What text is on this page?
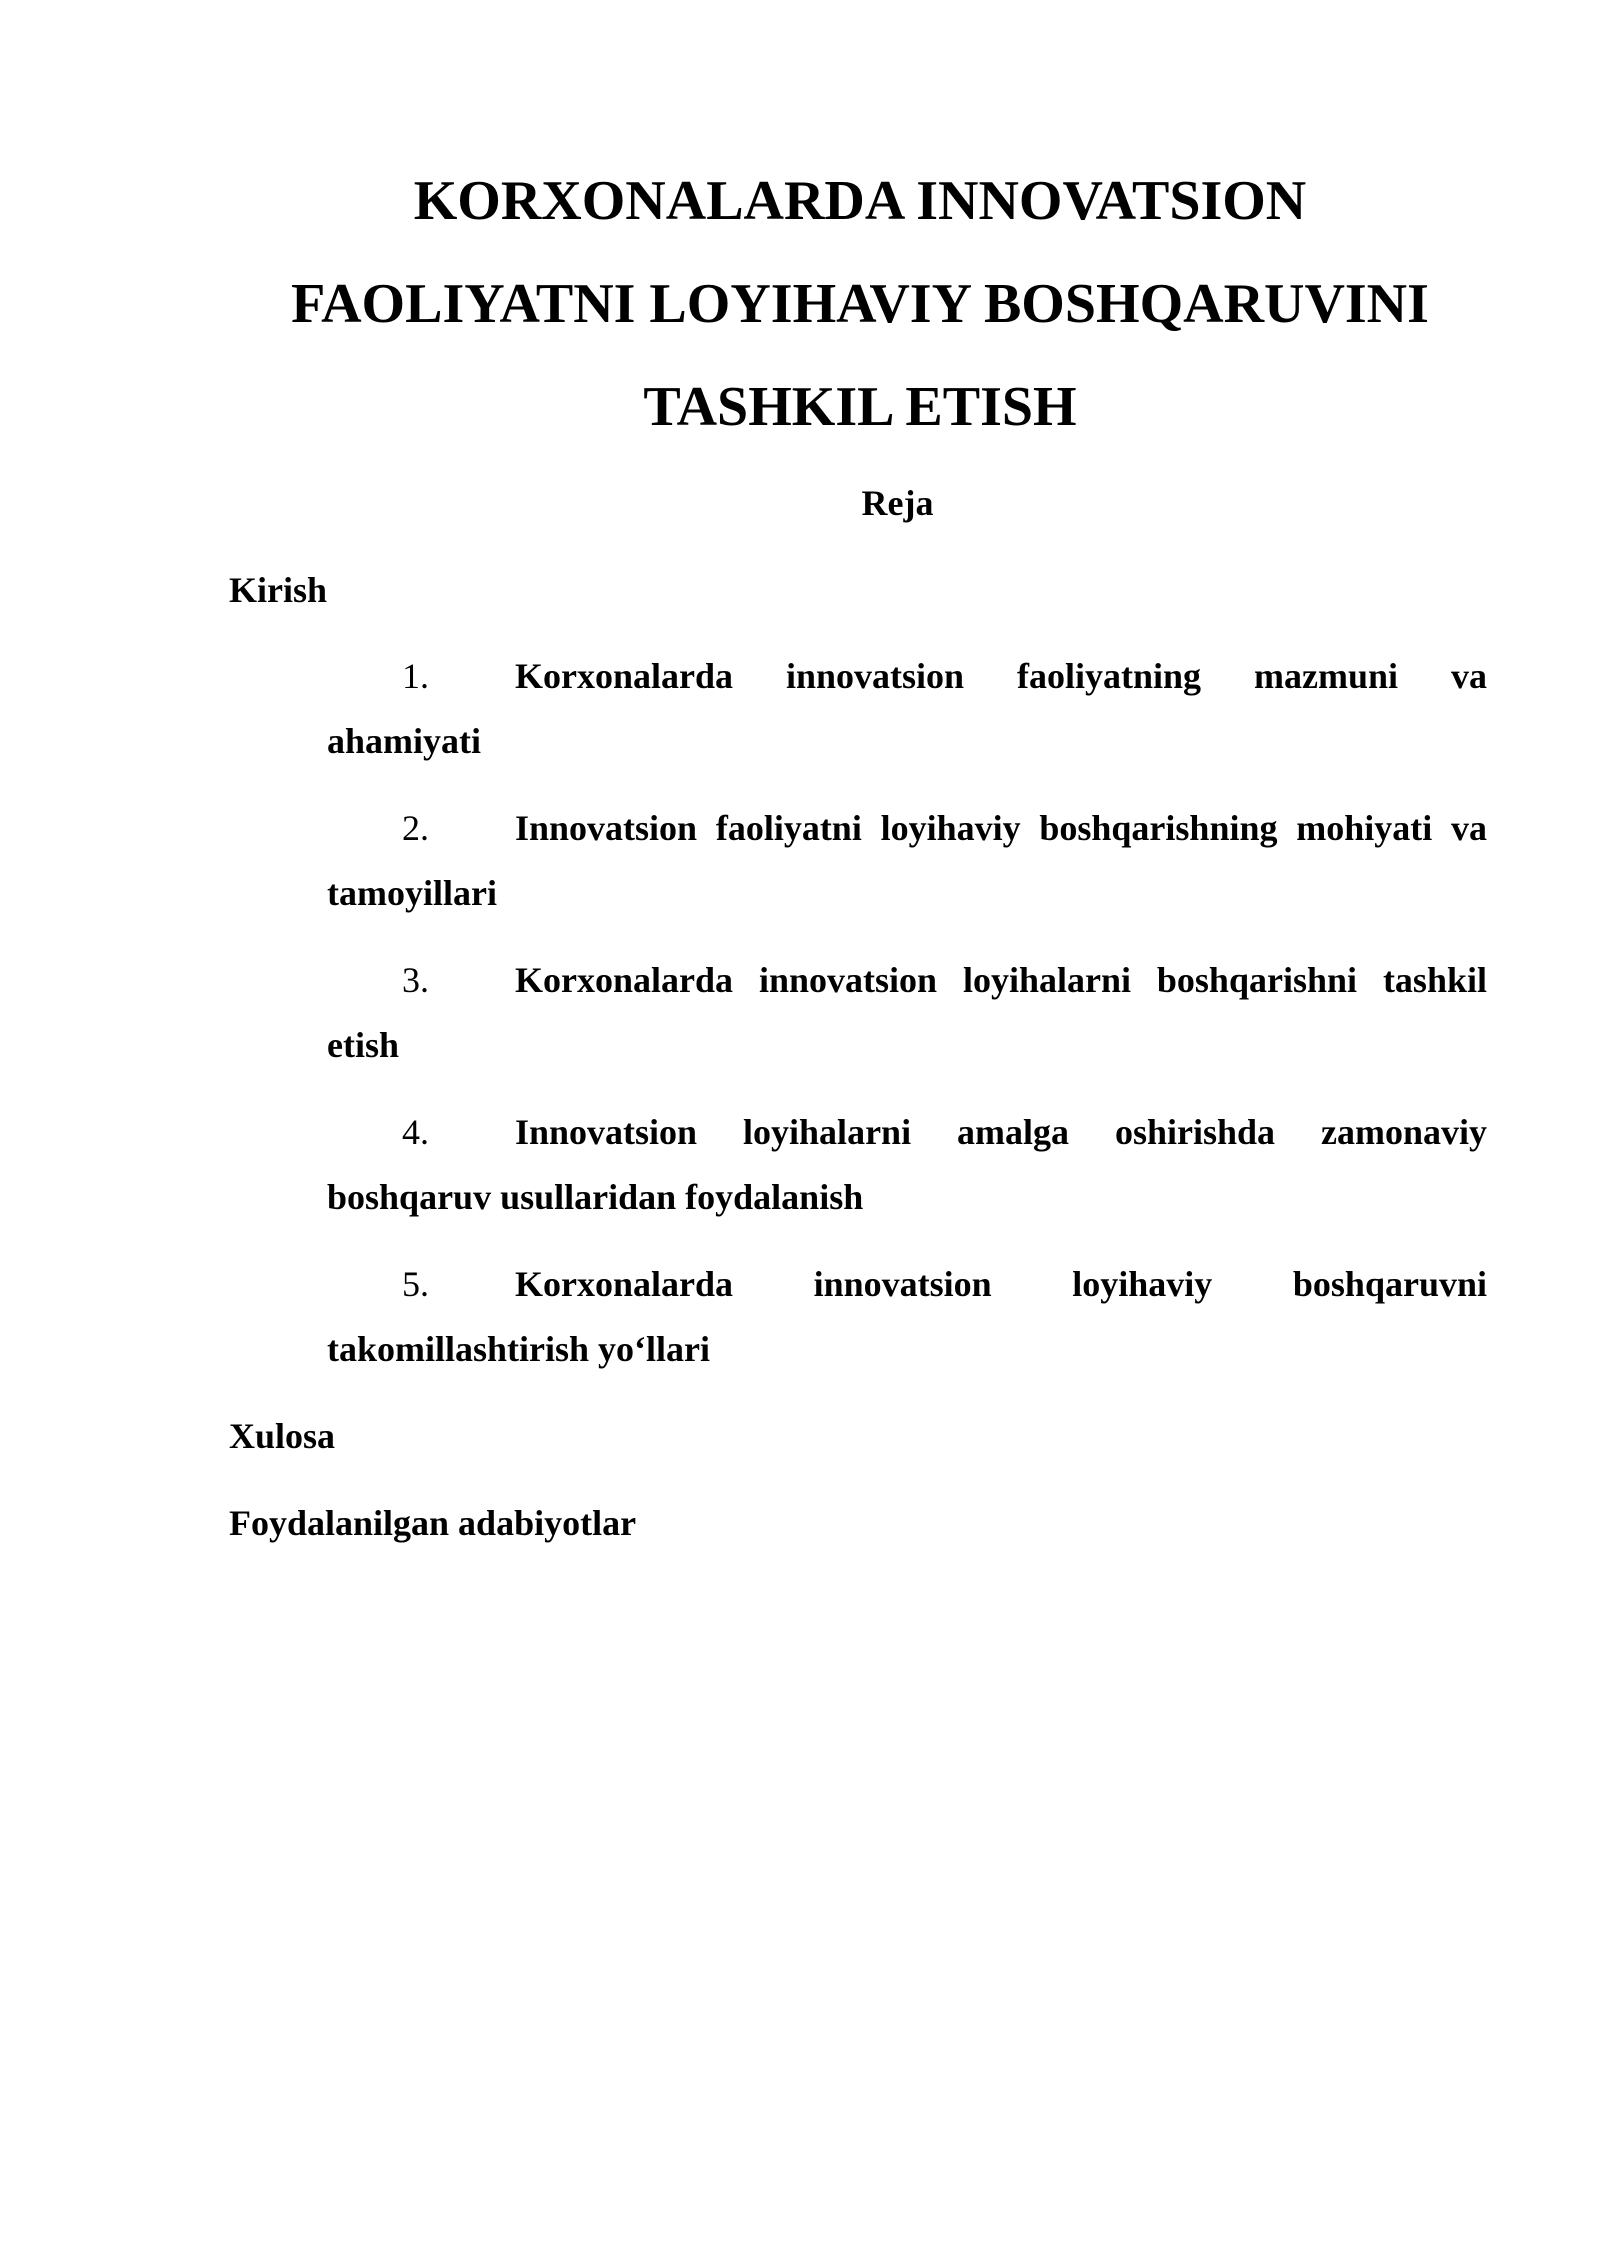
KORXONALARDA INNOVATSION
FAOLIYATNI LOYIHAVIY BOSHQARUVINI
TASHKIL ETISH

Reja

Kirish

1.	Korxonalarda innovatsion faoliyatning mazmuni va
ahamiyati
2.	Innovatsion faoliyatni loyihaviy boshqarishning mohiyati va
tamoyillari
3.	Korxonalarda innovatsion loyihalarni boshqarishni tashkil
etish
4.	Innovatsion loyihalarni amalga oshirishda zamonaviy
boshqaruv usullaridan foydalanish
5.	Korxonalarda innovatsion loyihaviy boshqaruvni
takomillashtirish yoʻllari

Xulosa

Foydalanilgan adabiyotlar
